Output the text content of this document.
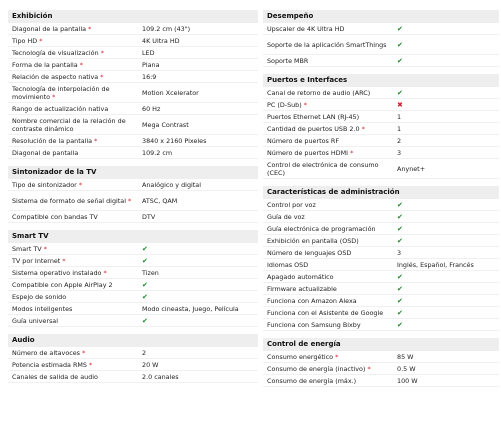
Exhibición
Diagonal de la pantalla *	109.2 cm (43")
Tipo HD *	4K Ultra HD
Tecnología de visualización *	LED
Forma de la pantalla *	Plana
Relación de aspecto nativa *	16:9
Tecnología de interpolación de movimiento *	Motion Xcelerator
Rango de actualización nativa	60 Hz
Nombre comercial de la relación de contraste dinámico	Mega Contrast
Resolución de la pantalla *	3840 x 2160 Pixeles
Diagonal de pantalla	109.2 cm
Sintonizador de la TV
Tipo de sintonizador *	Analógico y digital
Sistema de formato de señal digital *	ATSC, QAM
Compatible con bandas TV	DTV
Smart TV
Smart TV *	✔
TV por Internet *	✔
Sistema operativo instalado *	Tizen
Compatible con Apple AirPlay 2	✔
Espejo de sonido	✔
Modos inteligentes	Modo cineasta, Juego, Película
Guía universal	✔
Audio
Número de altavoces *	2
Potencia estimada RMS *	20 W
Canales de salida de audio	2.0 canales
Desempeño
Upscaler de 4K Ultra HD	✔
Soporte de la aplicación SmartThings	✔
Soporte MBR	✔
Puertos e Interfaces
Canal de retorno de audio (ARC)	✔
PC (D-Sub) *	✖
Puertos Ethernet LAN (RJ-45)	1
Cantidad de puertos USB 2.0 *	1
Número de puertos RF	2
Número de puertos HDMI *	3
Control de electrónica de consumo (CEC)	Anynet+
Características de administración
Control por voz	✔
Guía de voz	✔
Guía electrónica de programación	✔
Exhibición en pantalla (OSD)	✔
Número de lenguajes OSD	3
Idiomas OSD	Inglés, Español, Francés
Apagado automático	✔
Firmware actualizable	✔
Funciona con Amazon Alexa	✔
Funciona con el Asistente de Google	✔
Funciona con Samsung Bixby	✔
Control de energía
Consumo energético *	85 W
Consumo de energía (inactivo) *	0.5 W
Consumo de energía (máx.)	100 W
